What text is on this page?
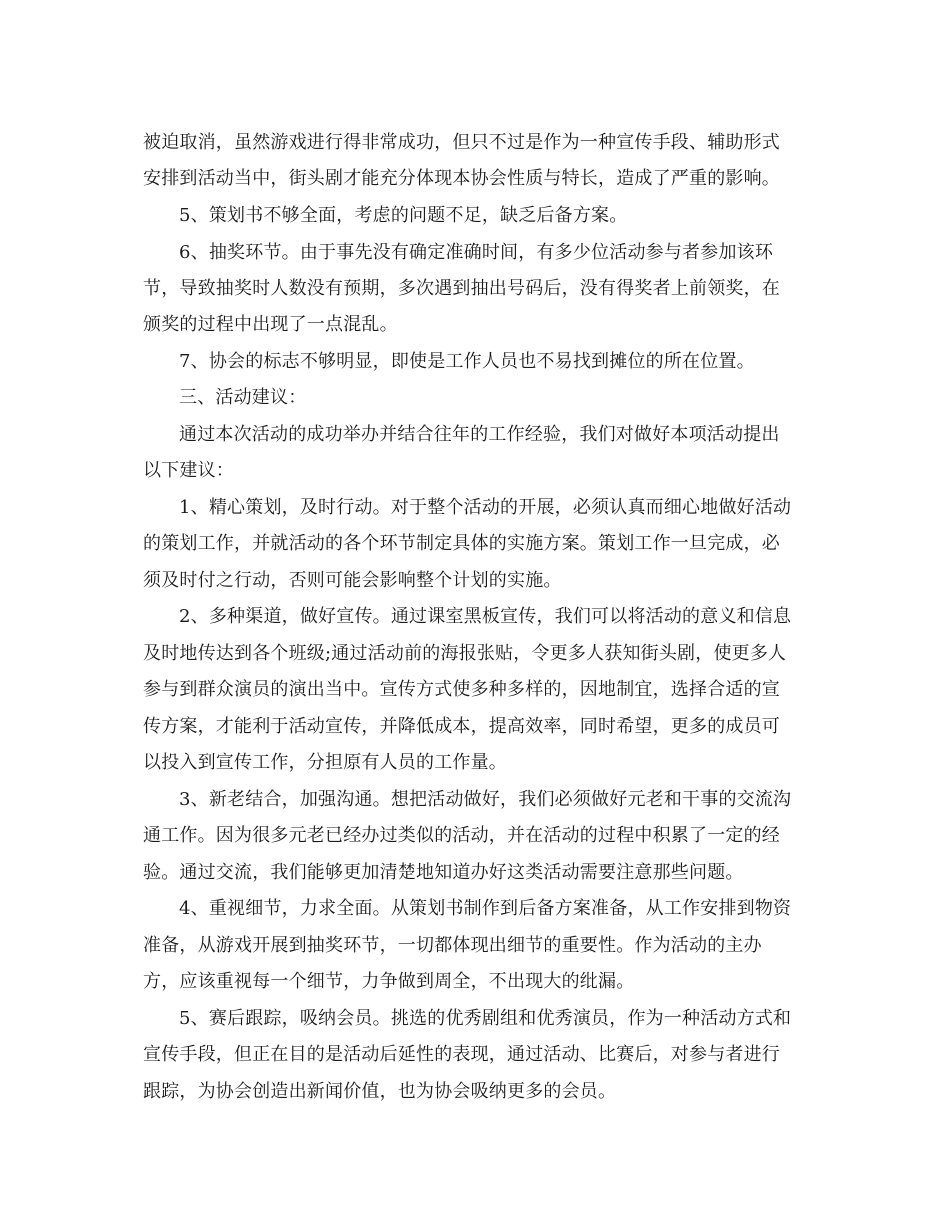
被迫取消，虽然游戏进行得非常成功，但只不过是作为一种宣传手段、辅助形式
安排到活动当中，街头剧才能充分体现本协会性质与特长，造成了严重的影响。
5、策划书不够全面，考虑的问题不足，缺乏后备方案。
6、抽奖环节。由于事先没有确定准确时间，有多少位活动参与者参加该环
节，导致抽奖时人数没有预期，多次遇到抽出号码后，没有得奖者上前领奖，在
颁奖的过程中出现了一点混乱。
7、协会的标志不够明显，即使是工作人员也不易找到摊位的所在位置。
三、活动建议：
通过本次活动的成功举办并结合往年的工作经验，我们对做好本项活动提出
以下建议：
1、精心策划，及时行动。对于整个活动的开展，必须认真而细心地做好活动
的策划工作，并就活动的各个环节制定具体的实施方案。策划工作一旦完成，必
须及时付之行动，否则可能会影响整个计划的实施。
2、多种渠道，做好宣传。通过课室黑板宣传，我们可以将活动的意义和信息
及时地传达到各个班级;通过活动前的海报张贴，令更多人获知街头剧，使更多人
参与到群众演员的演出当中。宣传方式使多种多样的，因地制宜，选择合适的宣
传方案，才能利于活动宣传，并降低成本，提高效率，同时希望，更多的成员可
以投入到宣传工作，分担原有人员的工作量。
3、新老结合，加强沟通。想把活动做好，我们必须做好元老和干事的交流沟
通工作。因为很多元老已经办过类似的活动，并在活动的过程中积累了一定的经
验。通过交流，我们能够更加清楚地知道办好这类活动需要注意那些问题。
4、重视细节，力求全面。从策划书制作到后备方案准备，从工作安排到物资
准备，从游戏开展到抽奖环节，一切都体现出细节的重要性。作为活动的主办
方，应该重视每一个细节，力争做到周全，不出现大的纰漏。
5、赛后跟踪，吸纳会员。挑选的优秀剧组和优秀演员，作为一种活动方式和
宣传手段，但正在目的是活动后延性的表现，通过活动、比赛后，对参与者进行
跟踪，为协会创造出新闻价值，也为协会吸纳更多的会员。
